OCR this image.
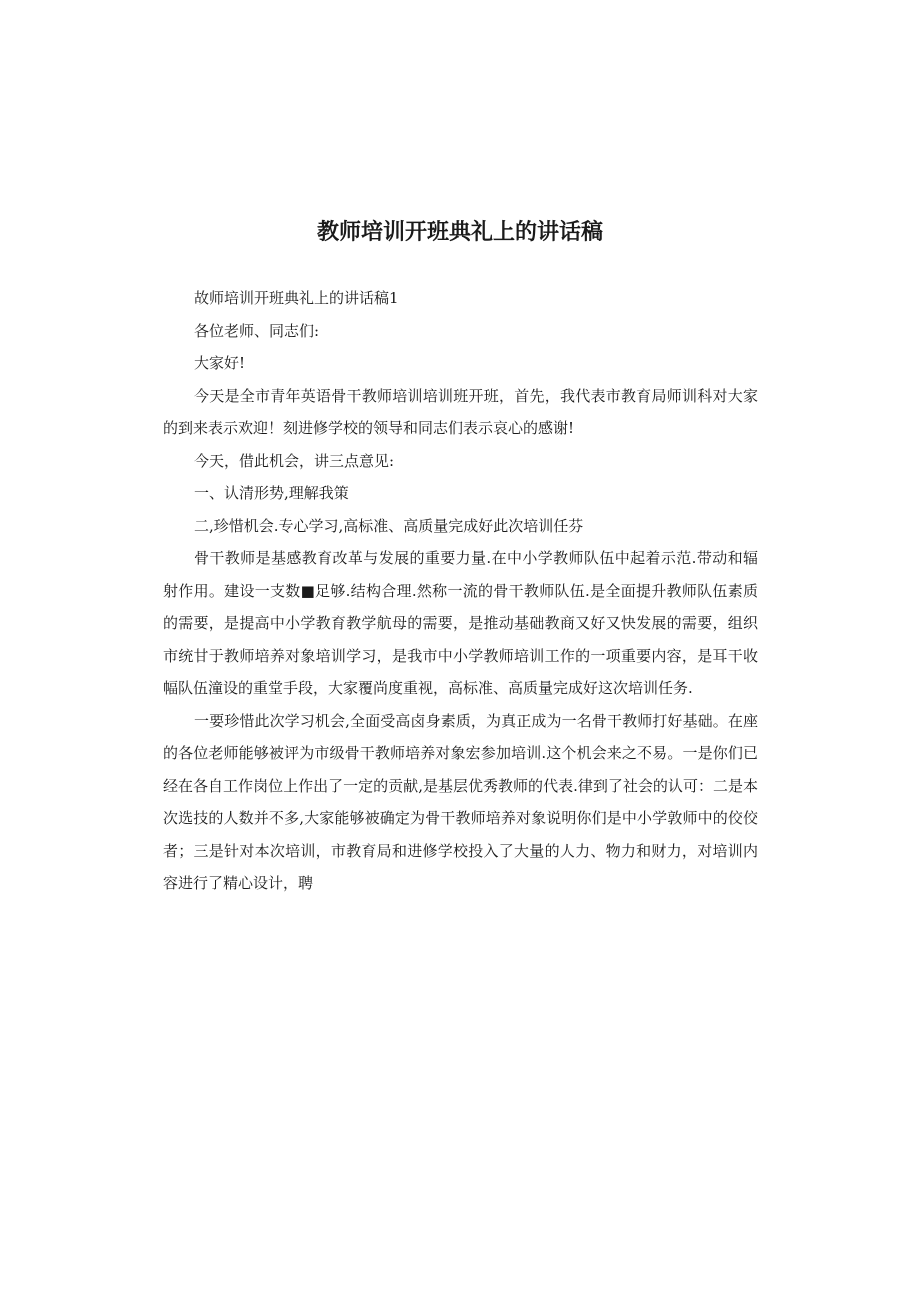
教师培训开班典礼上的讲话稿

故师培训开班典礼上的讲话稿1

各位老师、同志们:

大家好!

今天是全市青年英语骨干教师培训培训班开班，首先，我代表市教育局师训科对大家的到来表示欢迎！刻进修学校的领导和同志们表示哀心的感谢!

今天，借此机会，讲三点意见:

一、认清形势,理解我策

二,珍惜机会.专心学习,高标准、高质量完成好此次培训任芬

骨干教师是基感教育改革与发展的重要力量.在中小学教师队伍中起着示范.带动和辐射作用。建设一支数■足够.结构合理.然称一流的骨干教师队伍.是全面提升教师队伍素质的需要，是提高中小学教育教学航母的需要，是推动基础教商又好又快发展的需要，组织市统甘于教师培养对象培训学习，是我市中小学教师培训工作的一项重要内容，是耳干收幅队伍潼设的重堂手段，大家覆尚度重视，高标准、高质量完成好这次培训任务.

一要珍惜此次学习机会,全面受高卤身素质，为真正成为一名骨干教师打好基础。在座的各位老师能够被评为市级骨干教师培养对象宏参加培训.这个机会来之不易。一是你们已经在各自工作岗位上作出了一定的贡献,是基层优秀教师的代表.律到了社会的认可：二是本次选技的人数并不多,大家能够被确定为骨干教师培养对象说明你们是中小学敦师中的佼佼者；三是针对本次培训，市教育局和进修学校投入了大量的人力、物力和财力，对培训内容进行了精心设计，聘
